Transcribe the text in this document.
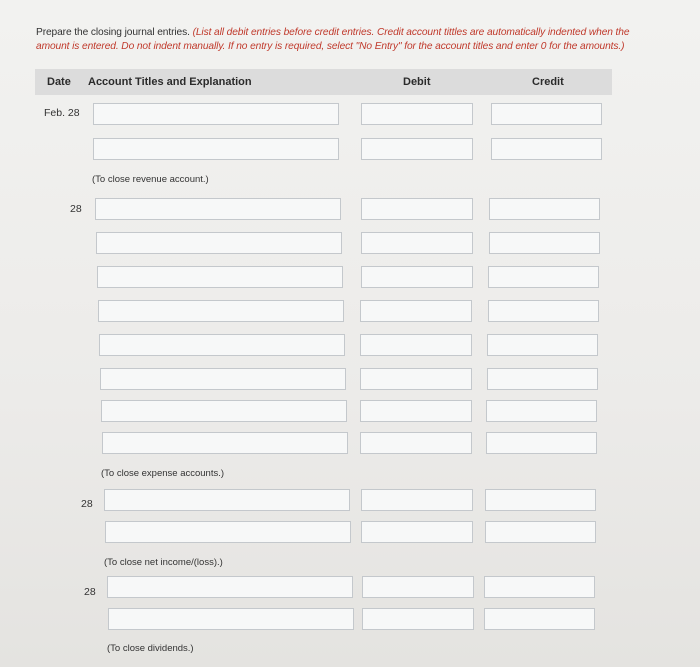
Prepare the closing journal entries. (List all debit entries before credit entries. Credit account tittles are automatically indented when the amount is entered. Do not indent manually. If no entry is required, select "No Entry" for the account titles and enter 0 for the amounts.)

Date Account Titles and Explanation	Debit	Credit
Feb. 28
(To close revenue account.)
28
(To close expense accounts.)
28
(To close net income/(loss).)
28
(To close dividends.)
